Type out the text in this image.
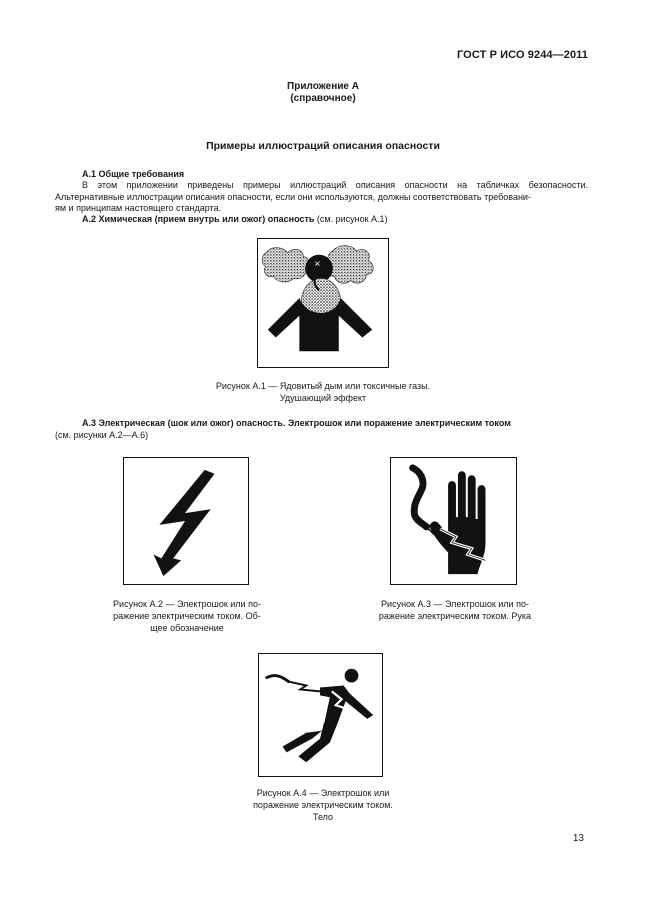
ГОСТ Р ИСО 9244—2011
Приложение А
(справочное)
Примеры иллюстраций описания опасности
А.1 Общие требования
В этом приложении приведены примеры иллюстраций описания опасности на табличках безопасности. Альтернативные иллюстрации описания опасности, если они используются, должны соответствовать требовани-
ям и принципам настоящего стандарта.
А.2 Химическая (прием внутрь или ожог) опасность (см. рисунок А.1)
✕
Рисунок А.1 — Ядовитый дым или токсичные газы.
Удушающий эффект
А.3 Электрическая (шок или ожог) опасность. Электрошок или поражение электрическим током
(см. рисунки А.2—А.6)
Рисунок А.2 — Электрошок или по-
ражение электрическим током. Об-
щее обозначение
Рисунок А.3 — Электрошок или по-
ражение электрическим током. Рука
Рисунок А.4 — Электрошок или
поражение электрическим током.
Тело
13
